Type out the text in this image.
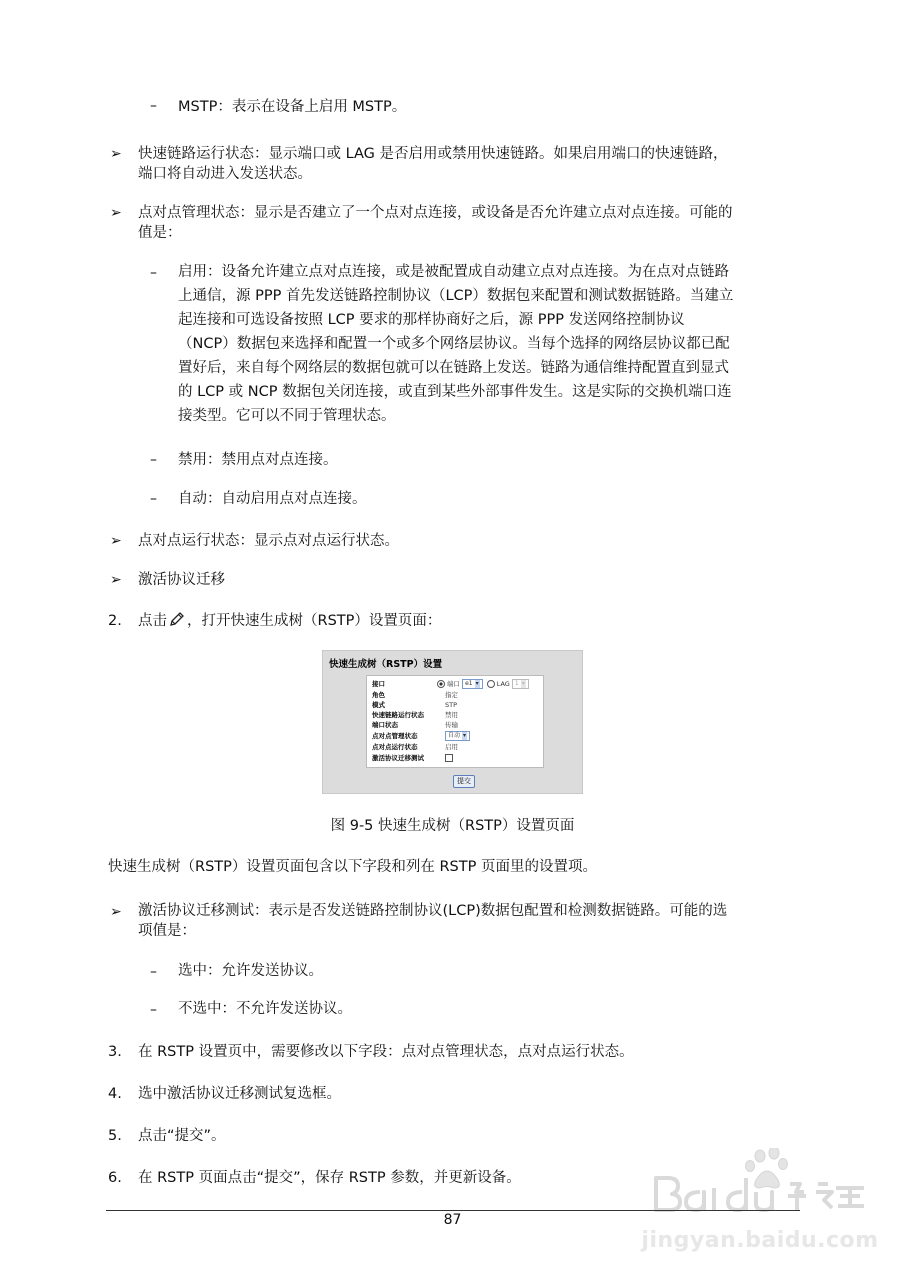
– MSTP：表示在设备上启用 MSTP。
➢ 快速链路运行状态：显示端口或 LAG 是否启用或禁用快速链路。如果启用端口的快速链路，
端口将自动进入发送状态。
➢ 点对点管理状态：显示是否建立了一个点对点连接，或设备是否允许建立点对点连接。可能的
值是：
– 启用：设备允许建立点对点连接，或是被配置成自动建立点对点连接。为在点对点链路
上通信，源 PPP 首先发送链路控制协议（LCP）数据包来配置和测试数据链路。当建立
起连接和可选设备按照 LCP 要求的那样协商好之后，源 PPP 发送网络控制协议
（NCP）数据包来选择和配置一个或多个网络层协议。当每个选择的网络层协议都已配
置好后，来自每个网络层的数据包就可以在链路上发送。链路为通信维持配置直到显式
的 LCP 或 NCP 数据包关闭连接，或直到某些外部事件发生。这是实际的交换机端口连
接类型。它可以不同于管理状态。
– 禁用：禁用点对点连接。
– 自动：自动启用点对点连接。
➢ 点对点运行状态：显示点对点运行状态。
➢ 激活协议迁移
2. 点击 ，打开快速生成树（RSTP）设置页面：
快速生成树（RSTP）设置
接口	端口 e1 ▾	LAG 1 ▾
角色	指定
模式	STP
快速链路运行状态	禁用
端口状态	传输
点对点管理状态	自动 ▾
点对点运行状态	启用
激活协议迁移测试
提交
图 9-5 快速生成树（RSTP）设置页面
快速生成树（RSTP）设置页面包含以下字段和列在 RSTP 页面里的设置项。
➢ 激活协议迁移测试：表示是否发送链路控制协议(LCP)数据包配置和检测数据链路。可能的选
项值是：
– 选中：允许发送协议。
– 不选中：不允许发送协议。
3. 在 RSTP 设置页中，需要修改以下字段：点对点管理状态，点对点运行状态。
4. 选中激活协议迁移测试复选框。
5. 点击“提交”。
6. 在 RSTP 页面点击“提交”，保存 RSTP 参数，并更新设备。
87
jingyan.baidu.com
